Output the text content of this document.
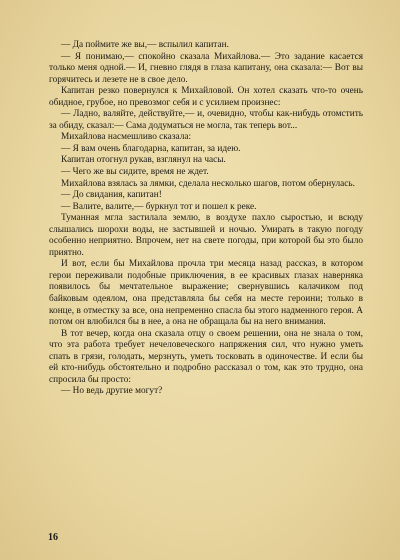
— Да поймите же вы,— вспылил капитан.

— Я понимаю,— спокойно сказала Михайлова.— Это задание касается только меня одной.— И, гневно глядя в глаза капитану, она сказала:— Вот вы горячитесь и лезете не в свое дело.

Капитан резко повернулся к Михайловой. Он хотел сказать что-то очень обидное, грубое, но превозмог себя и с усилием произнес:

— Ладно, валяйте, действуйте,— и, очевидно, чтобы как-нибудь отомстить за обиду, сказал:— Сама додуматься не могла, так теперь вот...

Михайлова насмешливо сказала:

— Я вам очень благодарна, капитан, за идею.

Капитан отогнул рукав, взглянул на часы.

— Чего же вы сидите, время не ждет.

Михайлова взялась за лямки, сделала несколько шагов, потом обернулась.

— До свидания, капитан!

— Валите, валите,— буркнул тот и пошел к реке.

Туманная мгла застилала землю, в воздухе пахло сыростью, и всюду слышались шорохи воды, не застывшей и ночью. Умирать в такую погоду особенно неприятно. Впрочем, нет на свете погоды, при которой бы это было приятно.

И вот, если бы Михайлова прочла три месяца назад рассказ, в котором герои переживали подобные приключения, в ее красивых глазах наверняка появилось бы мечтательное выражение; свернувшись калачиком под байковым одеялом, она представляла бы себя на месте героини; только в конце, в отместку за все, она непременно спасла бы этого надменного героя. А потом он влюбился бы в нее, а она не обращала бы на него внимания.

В тот вечер, когда она сказала отцу о своем решении, она не знала о том, что эта работа требует нечеловеческого напряжения сил, что нужно уметь спать в грязи, голодать, мерзнуть, уметь тосковать в одиночестве. И если бы ей кто-нибудь обстоятельно и подробно рассказал о том, как это трудно, она спросила бы просто:

— Но ведь другие могут?

16
